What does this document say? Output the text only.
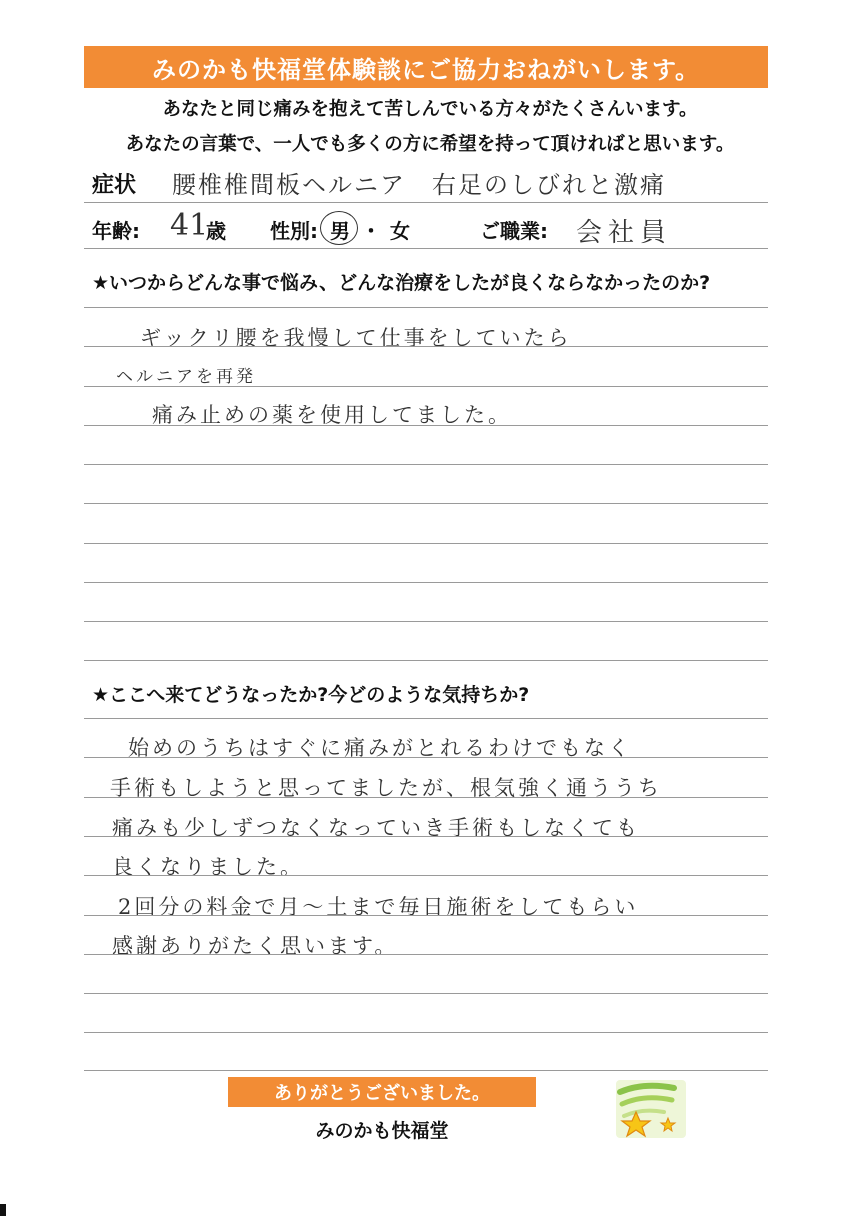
みのかも快福堂体験談にご協力おねがいします。
あなたと同じ痛みを抱えて苦しんでいる方々がたくさんいます。
あなたの言葉で、一人でも多くの方に希望を持って頂ければと思います。
症状 腰椎椎間板ヘルニア　右足のしびれと激痛
年齢: 41
歳 性別: 男 ・ 女	ご職業: 会社員
★いつからどんな事で悩み、どんな治療をしたが良くならなかったのか?
ギックリ腰を我慢して仕事をしていたら
ヘルニアを再発
痛み止めの薬を使用してました。
★ここへ来てどうなったか?今どのような気持ちか?
始めのうちはすぐに痛みがとれるわけでもなく
手術もしようと思ってましたが、根気強く通ううち
痛みも少しずつなくなっていき手術もしなくても
良くなりました。
2回分の料金で月〜土まで毎日施術をしてもらい
感謝ありがたく思います。
ありがとうございました。
みのかも快福堂
